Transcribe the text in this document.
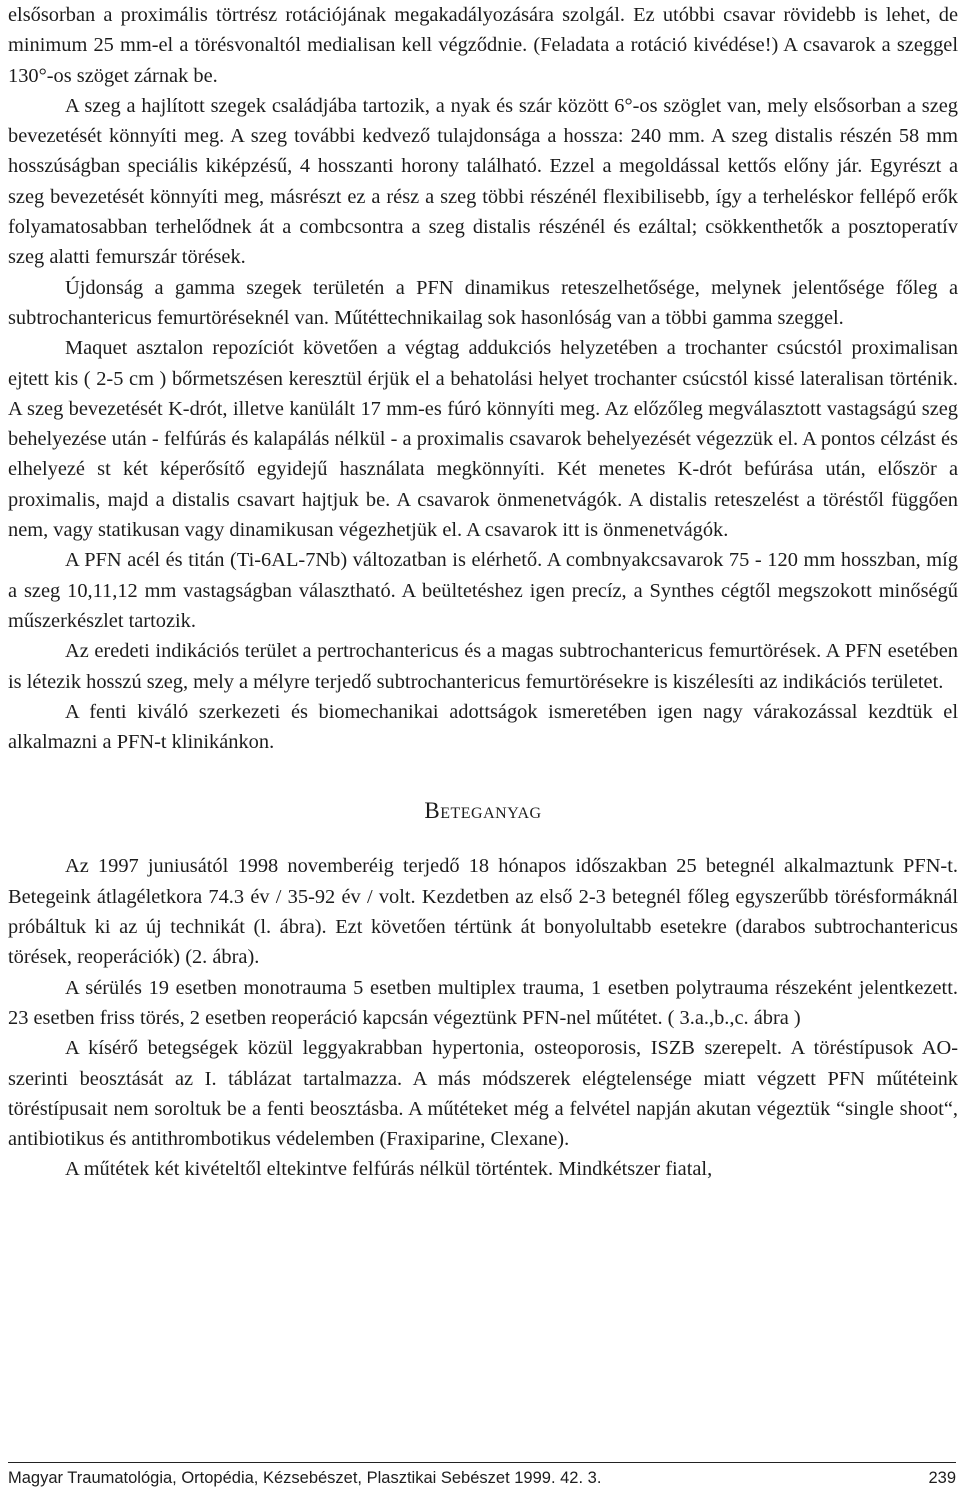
elsősorban a proximális törtrész rotációjának megakadályozására szolgál. Ez utóbbi csavar rövidebb is lehet, de minimum 25 mm-el a törésvonaltól medialisan kell végződnie. (Feladata a rotáció kivédése!) A csavarok a szeggel 130°-os szöget zárnak be.

A szeg a hajlított szegek családjába tartozik, a nyak és szár között 6°-os szöglet van, mely elsősorban a szeg bevezetését könnyíti meg. A szeg további kedvező tulajdonsága a hossza: 240 mm. A szeg distalis részén 58 mm hosszúságban speciális kiképzésű, 4 hosszanti horony található. Ezzel a megoldással kettős előny jár. Egyrészt a szeg bevezetését könnyíti meg, másrészt ez a rész a szeg többi részénél flexibilisebb, így a terheléskor fellépő erők folyamatosabban terhelődnek át a combcsontra a szeg distalis részénél és ezáltal; csökkenthetők a posztoperatív szeg alatti femurszár törések.

Újdonság a gamma szegek területén a PFN dinamikus reteszelhetősége, melynek jelentősége főleg a subtrochantericus femurtöréseknél van. Műtéttechnikailag sok hasonlóság van a többi gamma szeggel.

Maquet asztalon repozíciót követően a végtag addukciós helyzetében a trochanter csúcstól proximalisan ejtett kis ( 2-5 cm ) bőrmetszésen keresztül érjük el a behatolási helyet trochanter csúcstól kissé lateralisan történik. A szeg bevezetését K-drót, illetve kanülált 17 mm-es fúró könnyíti meg. Az előzőleg megválasztott vastagságú szeg behelyezése után - felfúrás és kalapálás nélkül - a proximalis csavarok behelyezését végezzük el. A pontos célzást és elhelyezé st két képerősítő egyidejű használata megkönnyíti. Két menetes K-drót befúrása után, először a proximalis, majd a distalis csavart hajtjuk be. A csavarok önmenetvágók. A distalis reteszelést a töréstől függően nem, vagy statikusan vagy dinamikusan végezhetjük el. A csavarok itt is önmenetvágók.

A PFN acél és titán (Ti-6AL-7Nb) változatban is elérhető. A combnyakcsavarok 75 - 120 mm hosszban, míg a szeg 10,11,12 mm vastagságban választható. A beültetéshez igen precíz, a Synthes cégtől megszokott minőségű műszerkészlet tartozik.

Az eredeti indikációs terület a pertrochantericus és a magas subtrochantericus femurtörések. A PFN esetében is létezik hosszú szeg, mely a mélyre terjedő subtrochantericus femurtörésekre is kiszélesíti az indikációs területet.

A fenti kiváló szerkezeti és biomechanikai adottságok ismeretében igen nagy várakozással kezdtük el alkalmazni a PFN-t klinikánkon.

Beteganyag

Az 1997 juniusától 1998 novemberéig terjedő 18 hónapos időszakban 25 betegnél alkalmaztunk PFN-t. Betegeink átlagéletkora 74.3 év / 35-92 év / volt. Kezdetben az első 2-3 betegnél főleg egyszerűbb törésformáknál próbáltuk ki az új technikát (l. ábra). Ezt követően tértünk át bonyolultabb esetekre (darabos subtrochantericus törések, reoperációk) (2. ábra).

A sérülés 19 esetben monotrauma 5 esetben multiplex trauma, 1 esetben polytrauma részeként jelentkezett. 23 esetben friss törés, 2 esetben reoperáció kapcsán végeztünk PFN-nel műtétet. ( 3.a.,b.,c. ábra )

A kísérő betegségek közül leggyakrabban hypertonia, osteoporosis, ISZB szerepelt. A töréstípusok AO-szerinti beosztását az I. táblázat tartalmazza. A más módszerek elégtelensége miatt végzett PFN műtéteink töréstípusait nem soroltuk be a fenti beosztásba. A műtéteket még a felvétel napján akutan végeztük “single shoot“, antibiotikus és antithrombotikus védelemben (Fraxiparine, Clexane).

A műtétek két kivételtől eltekintve felfúrás nélkül történtek. Mindkétszer fiatal,

Magyar Traumatológia, Ortopédia, Kézsebészet, Plasztikai Sebészet 1999. 42. 3.	239
